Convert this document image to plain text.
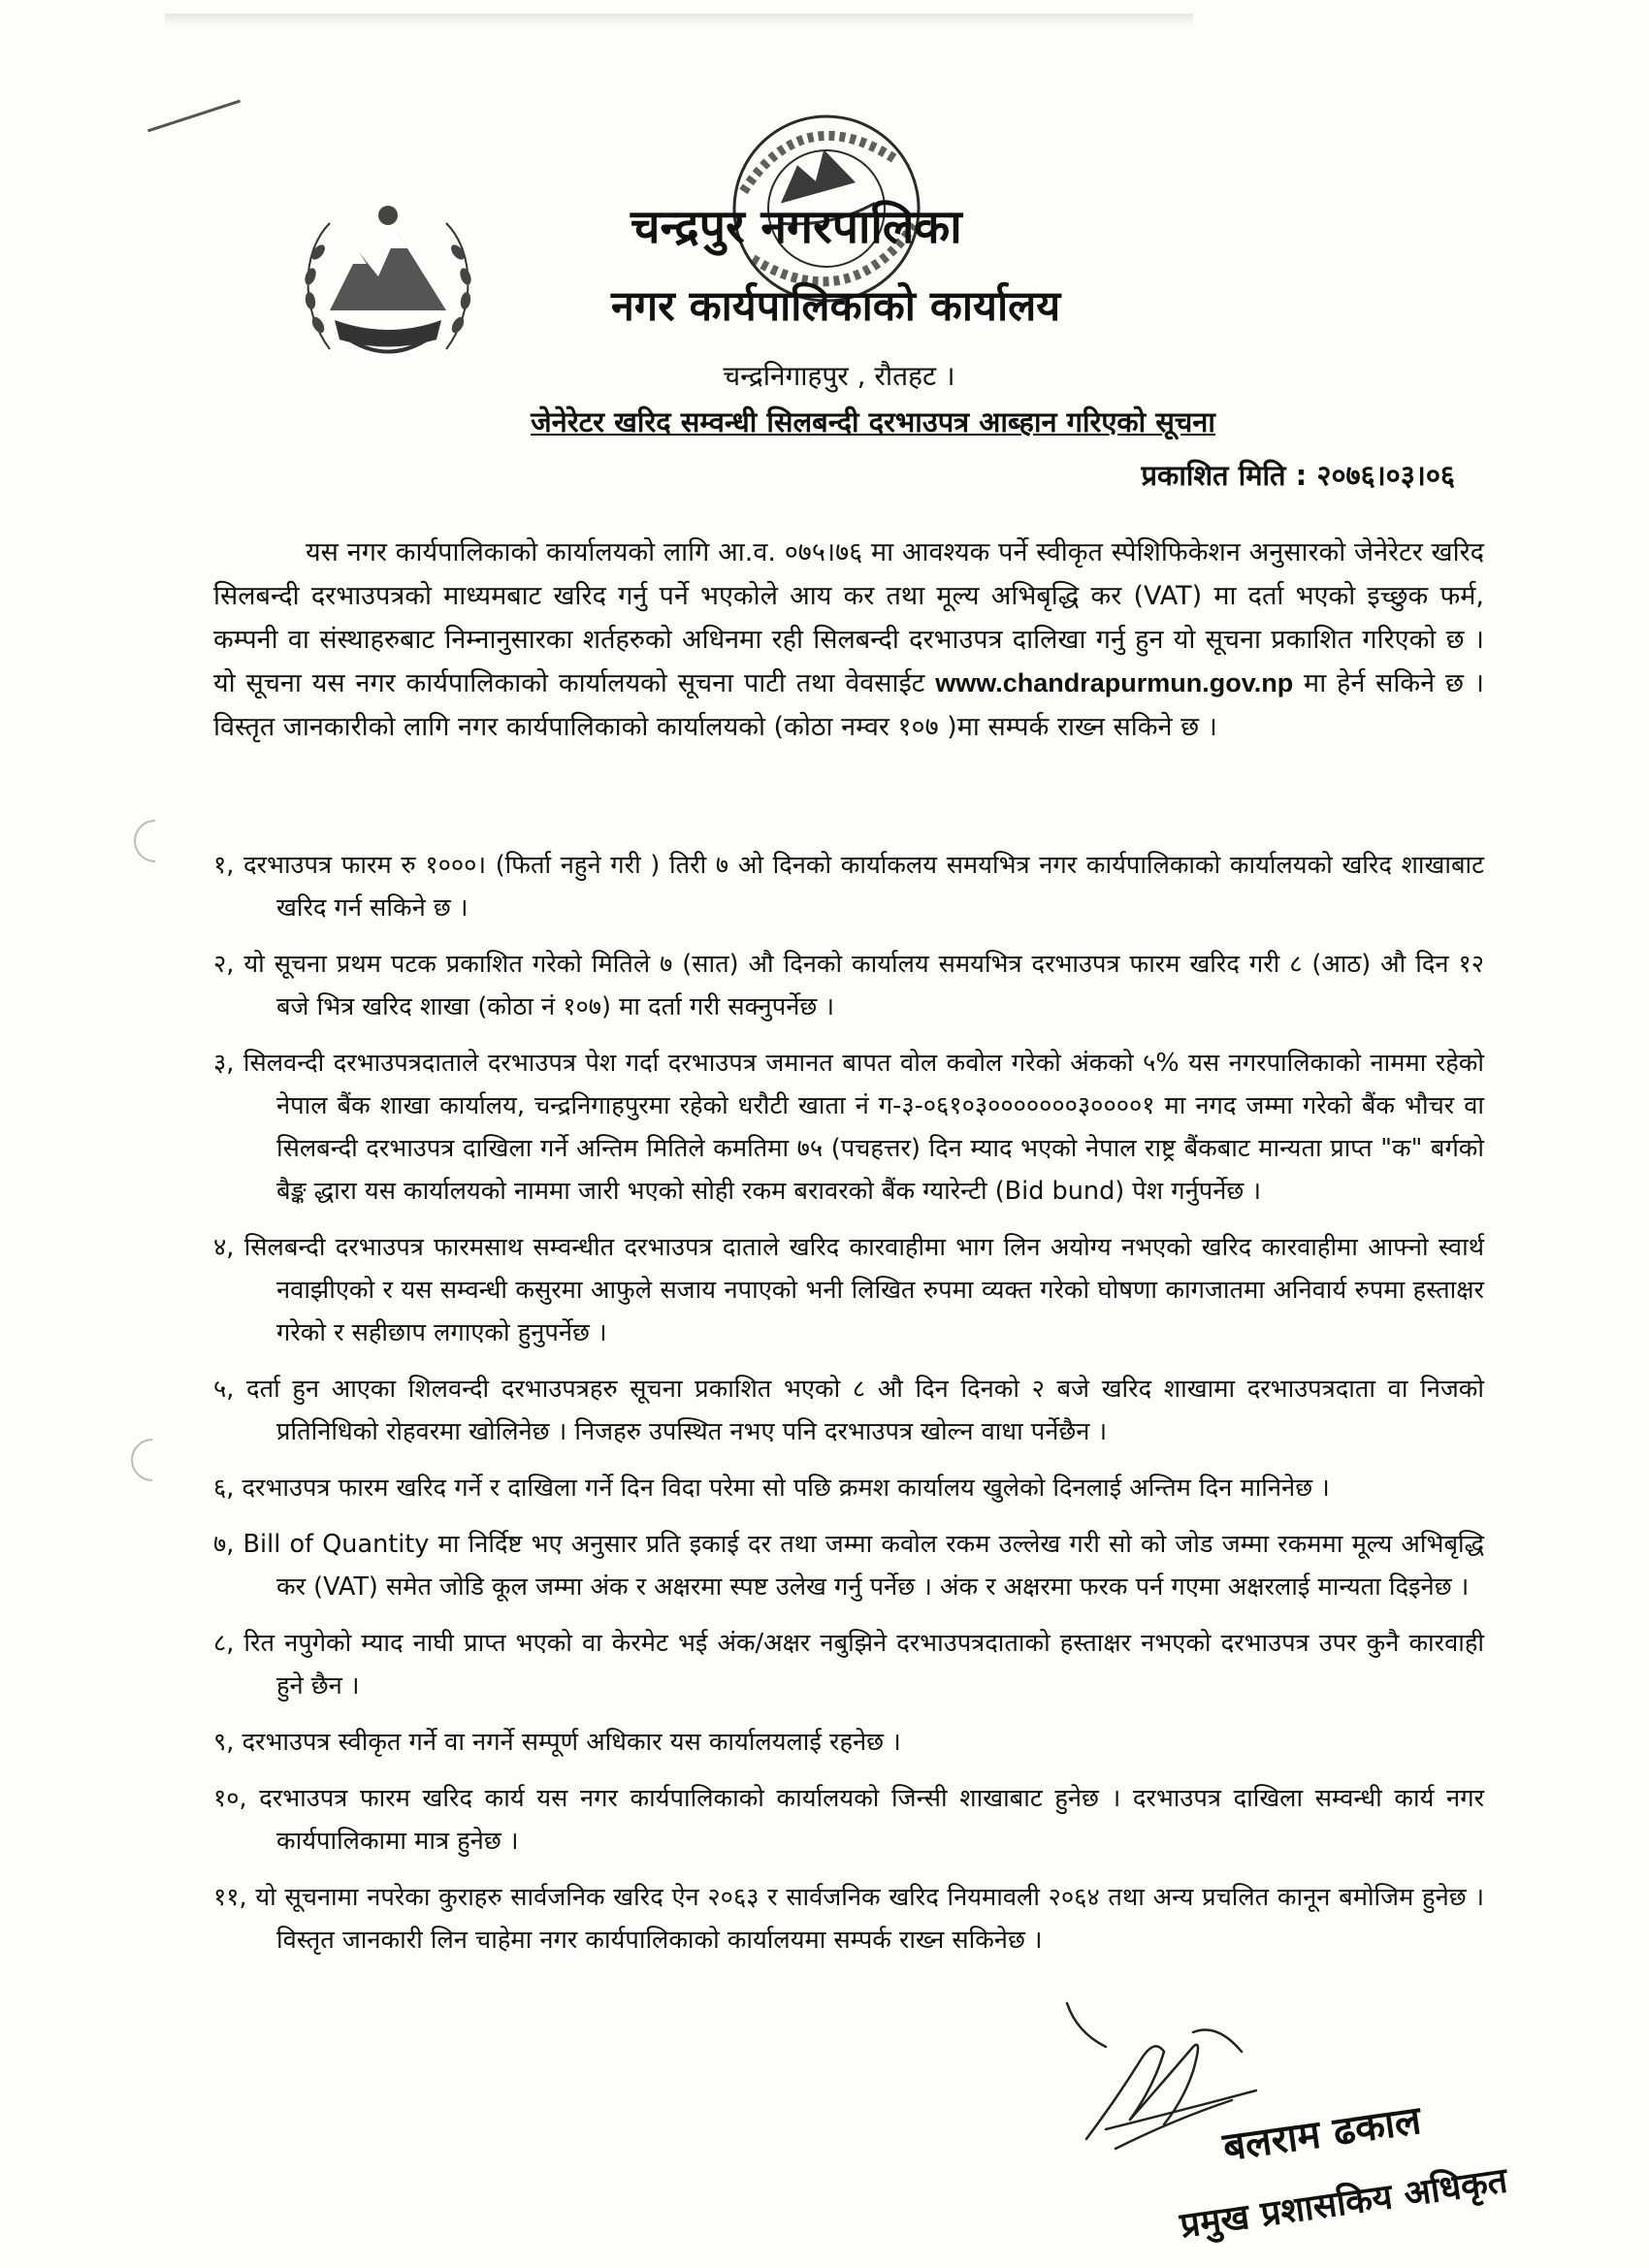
चन्द्रपुर नगरपालिका
नगर कार्यपालिकाको कार्यालय
चन्द्रनिगाहपुर , रौतहट ।
जेनेरेटर खरिद सम्वन्धी सिलबन्दी दरभाउपत्र आब्हान गरिएको सूचना
प्रकाशित मिति : २०७६।०३।०६

यस नगर कार्यपालिकाको कार्यालयको लागि आ.व. ०७५।७६ मा आवश्यक पर्ने स्वीकृत स्पेशिफिकेशन अनुसारको जेनेरेटर खरिद सिलबन्दी दरभाउपत्रको माध्यमबाट खरिद गर्नु पर्ने भएकोले आय कर तथा मूल्य अभिबृद्धि कर (VAT) मा दर्ता भएको इच्छुक फर्म, कम्पनी वा संस्थाहरुबाट निम्नानुसारका शर्तहरुको अधिनमा रही सिलबन्दी दरभाउपत्र दालिखा गर्नु हुन यो सूचना प्रकाशित गरिएको छ । यो सूचना यस नगर कार्यपालिकाको कार्यालयको सूचना पाटी तथा वेवसाईट www.chandrapurmun.gov.np मा हेर्न सकिने छ । विस्तृत जानकारीको लागि नगर कार्यपालिकाको कार्यालयको (कोठा नम्वर १०७ )मा सम्पर्क राख्न सकिने छ ।

१, दरभाउपत्र फारम रु १०००। (फिर्ता नहुने गरी ) तिरी ७ ओ दिनको कार्याकलय समयभित्र नगर कार्यपालिकाको कार्यालयको खरिद शाखाबाट खरिद गर्न सकिने छ ।
२, यो सूचना प्रथम पटक प्रकाशित गरेको मितिले ७ (सात) औ दिनको कार्यालय समयभित्र दरभाउपत्र फारम खरिद गरी ८ (आठ) औ दिन १२ बजे भित्र खरिद शाखा (कोठा नं १०७) मा दर्ता गरी सक्नुपर्नेछ ।
३, सिलवन्दी दरभाउपत्रदाताले दरभाउपत्र पेश गर्दा दरभाउपत्र जमानत बापत वोल कवोल गरेको अंकको ५% यस नगरपालिकाको नाममा रहेको नेपाल बैंक शाखा कार्यालय, चन्द्रनिगाहपुरमा रहेको धरौटी खाता नं ग-३-०६१०३०००००००३००००१ मा नगद जम्मा गरेको बैंक भौचर वा सिलबन्दी दरभाउपत्र दाखिला गर्ने अन्तिम मितिले कमतिमा ७५ (पचहत्तर) दिन म्याद भएको नेपाल राष्ट्र बैंकबाट मान्यता प्राप्त "क" बर्गको बैङ्क द्धारा यस कार्यालयको नाममा जारी भएको सोही रकम बरावरको बैंक ग्यारेन्टी (Bid bund) पेश गर्नुपर्नेछ ।
४, सिलबन्दी दरभाउपत्र फारमसाथ सम्वन्धीत दरभाउपत्र दाताले खरिद कारवाहीमा भाग लिन अयोग्य नभएको खरिद कारवाहीमा आफ्नो स्वार्थ नवाझीएको र यस सम्वन्धी कसुरमा आफुले सजाय नपाएको भनी लिखित रुपमा व्यक्त गरेको घोषणा कागजातमा अनिवार्य रुपमा हस्ताक्षर गरेको र सहीछाप लगाएको हुनुपर्नेछ ।
५, दर्ता हुन आएका शिलवन्दी दरभाउपत्रहरु सूचना प्रकाशित भएको ८ औ दिन दिनको २ बजे खरिद शाखामा दरभाउपत्रदाता वा निजको प्रतिनिधिको रोहवरमा खोलिनेछ । निजहरु उपस्थित नभए पनि दरभाउपत्र खोल्न वाधा पर्नेछैन ।
६, दरभाउपत्र फारम खरिद गर्ने र दाखिला गर्ने दिन विदा परेमा सो पछि क्रमश कार्यालय खुलेको दिनलाई अन्तिम दिन मानिनेछ ।
७, Bill of Quantity मा निर्दिष्ट भए अनुसार प्रति इकाई दर तथा जम्मा कवोल रकम उल्लेख गरी सो को जोड जम्मा रकममा मूल्य अभिबृद्धि कर (VAT) समेत जोडि कूल जम्मा अंक र अक्षरमा स्पष्ट उलेख गर्नु पर्नेछ । अंक र अक्षरमा फरक पर्न गएमा अक्षरलाई मान्यता दिइनेछ ।
८, रित नपुगेको म्याद नाघी प्राप्त भएको वा केरमेट भई अंक/अक्षर नबुझिने दरभाउपत्रदाताको हस्ताक्षर नभएको दरभाउपत्र उपर कुनै कारवाही हुने छैन ।
९, दरभाउपत्र स्वीकृत गर्ने वा नगर्ने सम्पूर्ण अधिकार यस कार्यालयलाई रहनेछ ।
१०, दरभाउपत्र फारम खरिद कार्य यस नगर कार्यपालिकाको कार्यालयको जिन्सी शाखाबाट हुनेछ । दरभाउपत्र दाखिला सम्वन्धी कार्य नगर कार्यपालिकामा मात्र हुनेछ ।
११, यो सूचनामा नपरेका कुराहरु सार्वजनिक खरिद ऐन २०६३ र सार्वजनिक खरिद नियमावली २०६४ तथा अन्य प्रचलित कानून बमोजिम हुनेछ । विस्तृत जानकारी लिन चाहेमा नगर कार्यपालिकाको कार्यालयमा सम्पर्क राख्न सकिनेछ ।
बलराम ढकाल
प्रमुख प्रशासकिय अधिकृत
